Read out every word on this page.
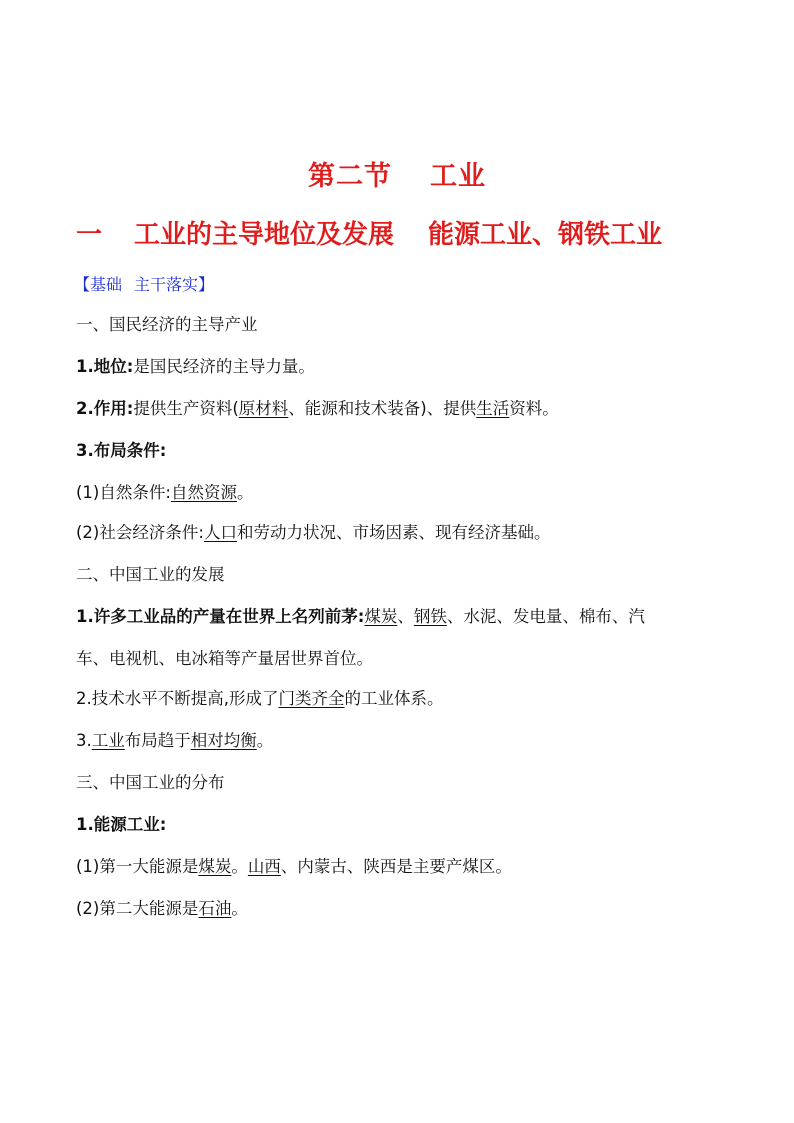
第二节 工业
一 工业的主导地位及发展 能源工业、钢铁工业
【基础 主干落实】
一、国民经济的主导产业
1.地位:是国民经济的主导力量。
2.作用:提供生产资料(原材料、能源和技术装备)、提供生活资料。
3.布局条件:
(1)自然条件:自然资源。
(2)社会经济条件:人口和劳动力状况、市场因素、现有经济基础。
二、中国工业的发展
1.许多工业品的产量在世界上名列前茅:煤炭、钢铁、水泥、发电量、棉布、汽
车、电视机、电冰箱等产量居世界首位。
2.技术水平不断提高,形成了门类齐全的工业体系。
3.工业布局趋于相对均衡。
三、中国工业的分布
1.能源工业:
(1)第一大能源是煤炭。山西、内蒙古、陕西是主要产煤区。
(2)第二大能源是石油。
